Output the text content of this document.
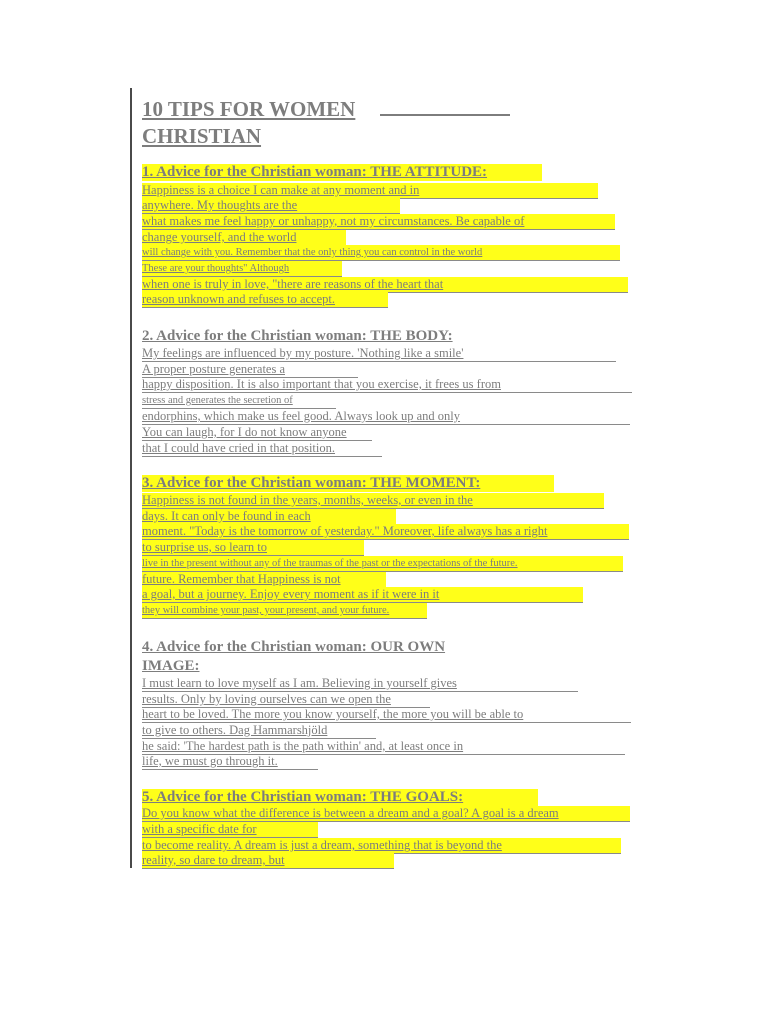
10 TIPS FOR WOMEN
CHRISTIAN
1. Advice for the Christian woman: THE ATTITUDE:
Happiness is a choice I can make at any moment and in
anywhere. My thoughts are the
what makes me feel happy or unhappy, not my circumstances. Be capable of
change yourself, and the world
will change with you. Remember that the only thing you can control in the world
These are your thoughts" Although
when one is truly in love, "there are reasons of the heart that
reason unknown and refuses to accept.
2. Advice for the Christian woman: THE BODY:
My feelings are influenced by my posture. 'Nothing like a smile'
A proper posture generates a
happy disposition. It is also important that you exercise, it frees us from
stress and generates the secretion of
endorphins, which make us feel good. Always look up and only
You can laugh, for I do not know anyone
that I could have cried in that position.
3. Advice for the Christian woman: THE MOMENT:
Happiness is not found in the years, months, weeks, or even in the
days. It can only be found in each
moment. "Today is the tomorrow of yesterday." Moreover, life always has a right
to surprise us, so learn to
live in the present without any of the traumas of the past or the expectations of the future.
future. Remember that Happiness is not
a goal, but a journey. Enjoy every moment as if it were in it
they will combine your past, your present, and your future.
4. Advice for the Christian woman: OUR OWN
IMAGE:
I must learn to love myself as I am. Believing in yourself gives
results. Only by loving ourselves can we open the
heart to be loved. The more you know yourself, the more you will be able to
to give to others. Dag Hammarshjöld
he said: 'The hardest path is the path within' and, at least once in
life, we must go through it.
5. Advice for the Christian woman: THE GOALS:
Do you know what the difference is between a dream and a goal? A goal is a dream
with a specific date for
to become reality. A dream is just a dream, something that is beyond the
reality, so dare to dream, but
